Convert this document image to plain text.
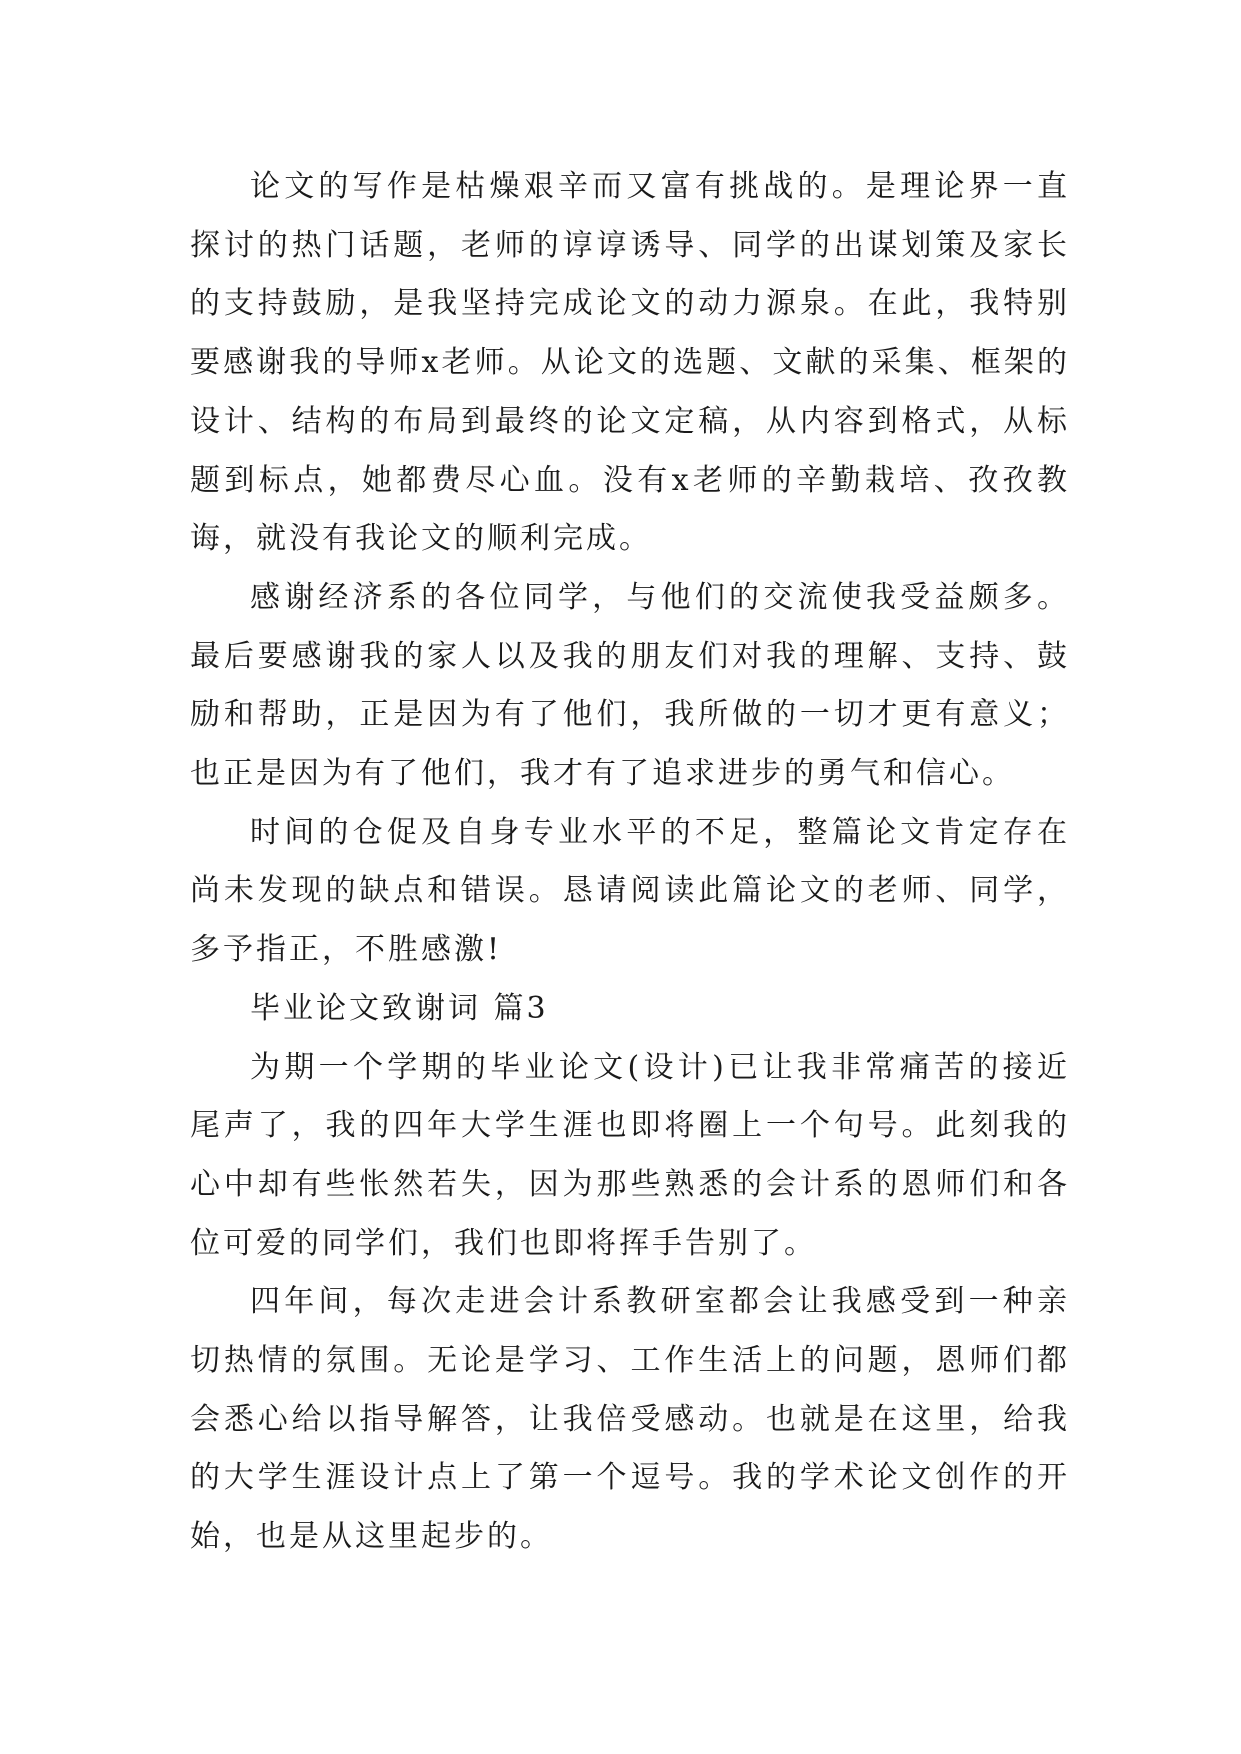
论文的写作是枯燥艰辛而又富有挑战的。是理论界一直探讨的热门话题，老师的谆谆诱导、同学的出谋划策及家长的支持鼓励，是我坚持完成论文的动力源泉。在此，我特别要感谢我的导师x老师。从论文的选题、文献的采集、框架的设计、结构的布局到最终的论文定稿，从内容到格式，从标题到标点，她都费尽心血。没有x老师的辛勤栽培、孜孜教诲，就没有我论文的顺利完成。

感谢经济系的各位同学，与他们的交流使我受益颇多。最后要感谢我的家人以及我的朋友们对我的理解、支持、鼓励和帮助，正是因为有了他们，我所做的一切才更有意义；也正是因为有了他们，我才有了追求进步的勇气和信心。

时间的仓促及自身专业水平的不足，整篇论文肯定存在尚未发现的缺点和错误。恳请阅读此篇论文的老师、同学，多予指正，不胜感激!

毕业论文致谢词 篇3

为期一个学期的毕业论文(设计)已让我非常痛苦的接近尾声了，我的四年大学生涯也即将圈上一个句号。此刻我的心中却有些怅然若失，因为那些熟悉的会计系的恩师们和各位可爱的同学们，我们也即将挥手告别了。

四年间，每次走进会计系教研室都会让我感受到一种亲切热情的氛围。无论是学习、工作生活上的问题，恩师们都会悉心给以指导解答，让我倍受感动。也就是在这里，给我的大学生涯设计点上了第一个逗号。我的学术论文创作的开始，也是从这里起步的。
